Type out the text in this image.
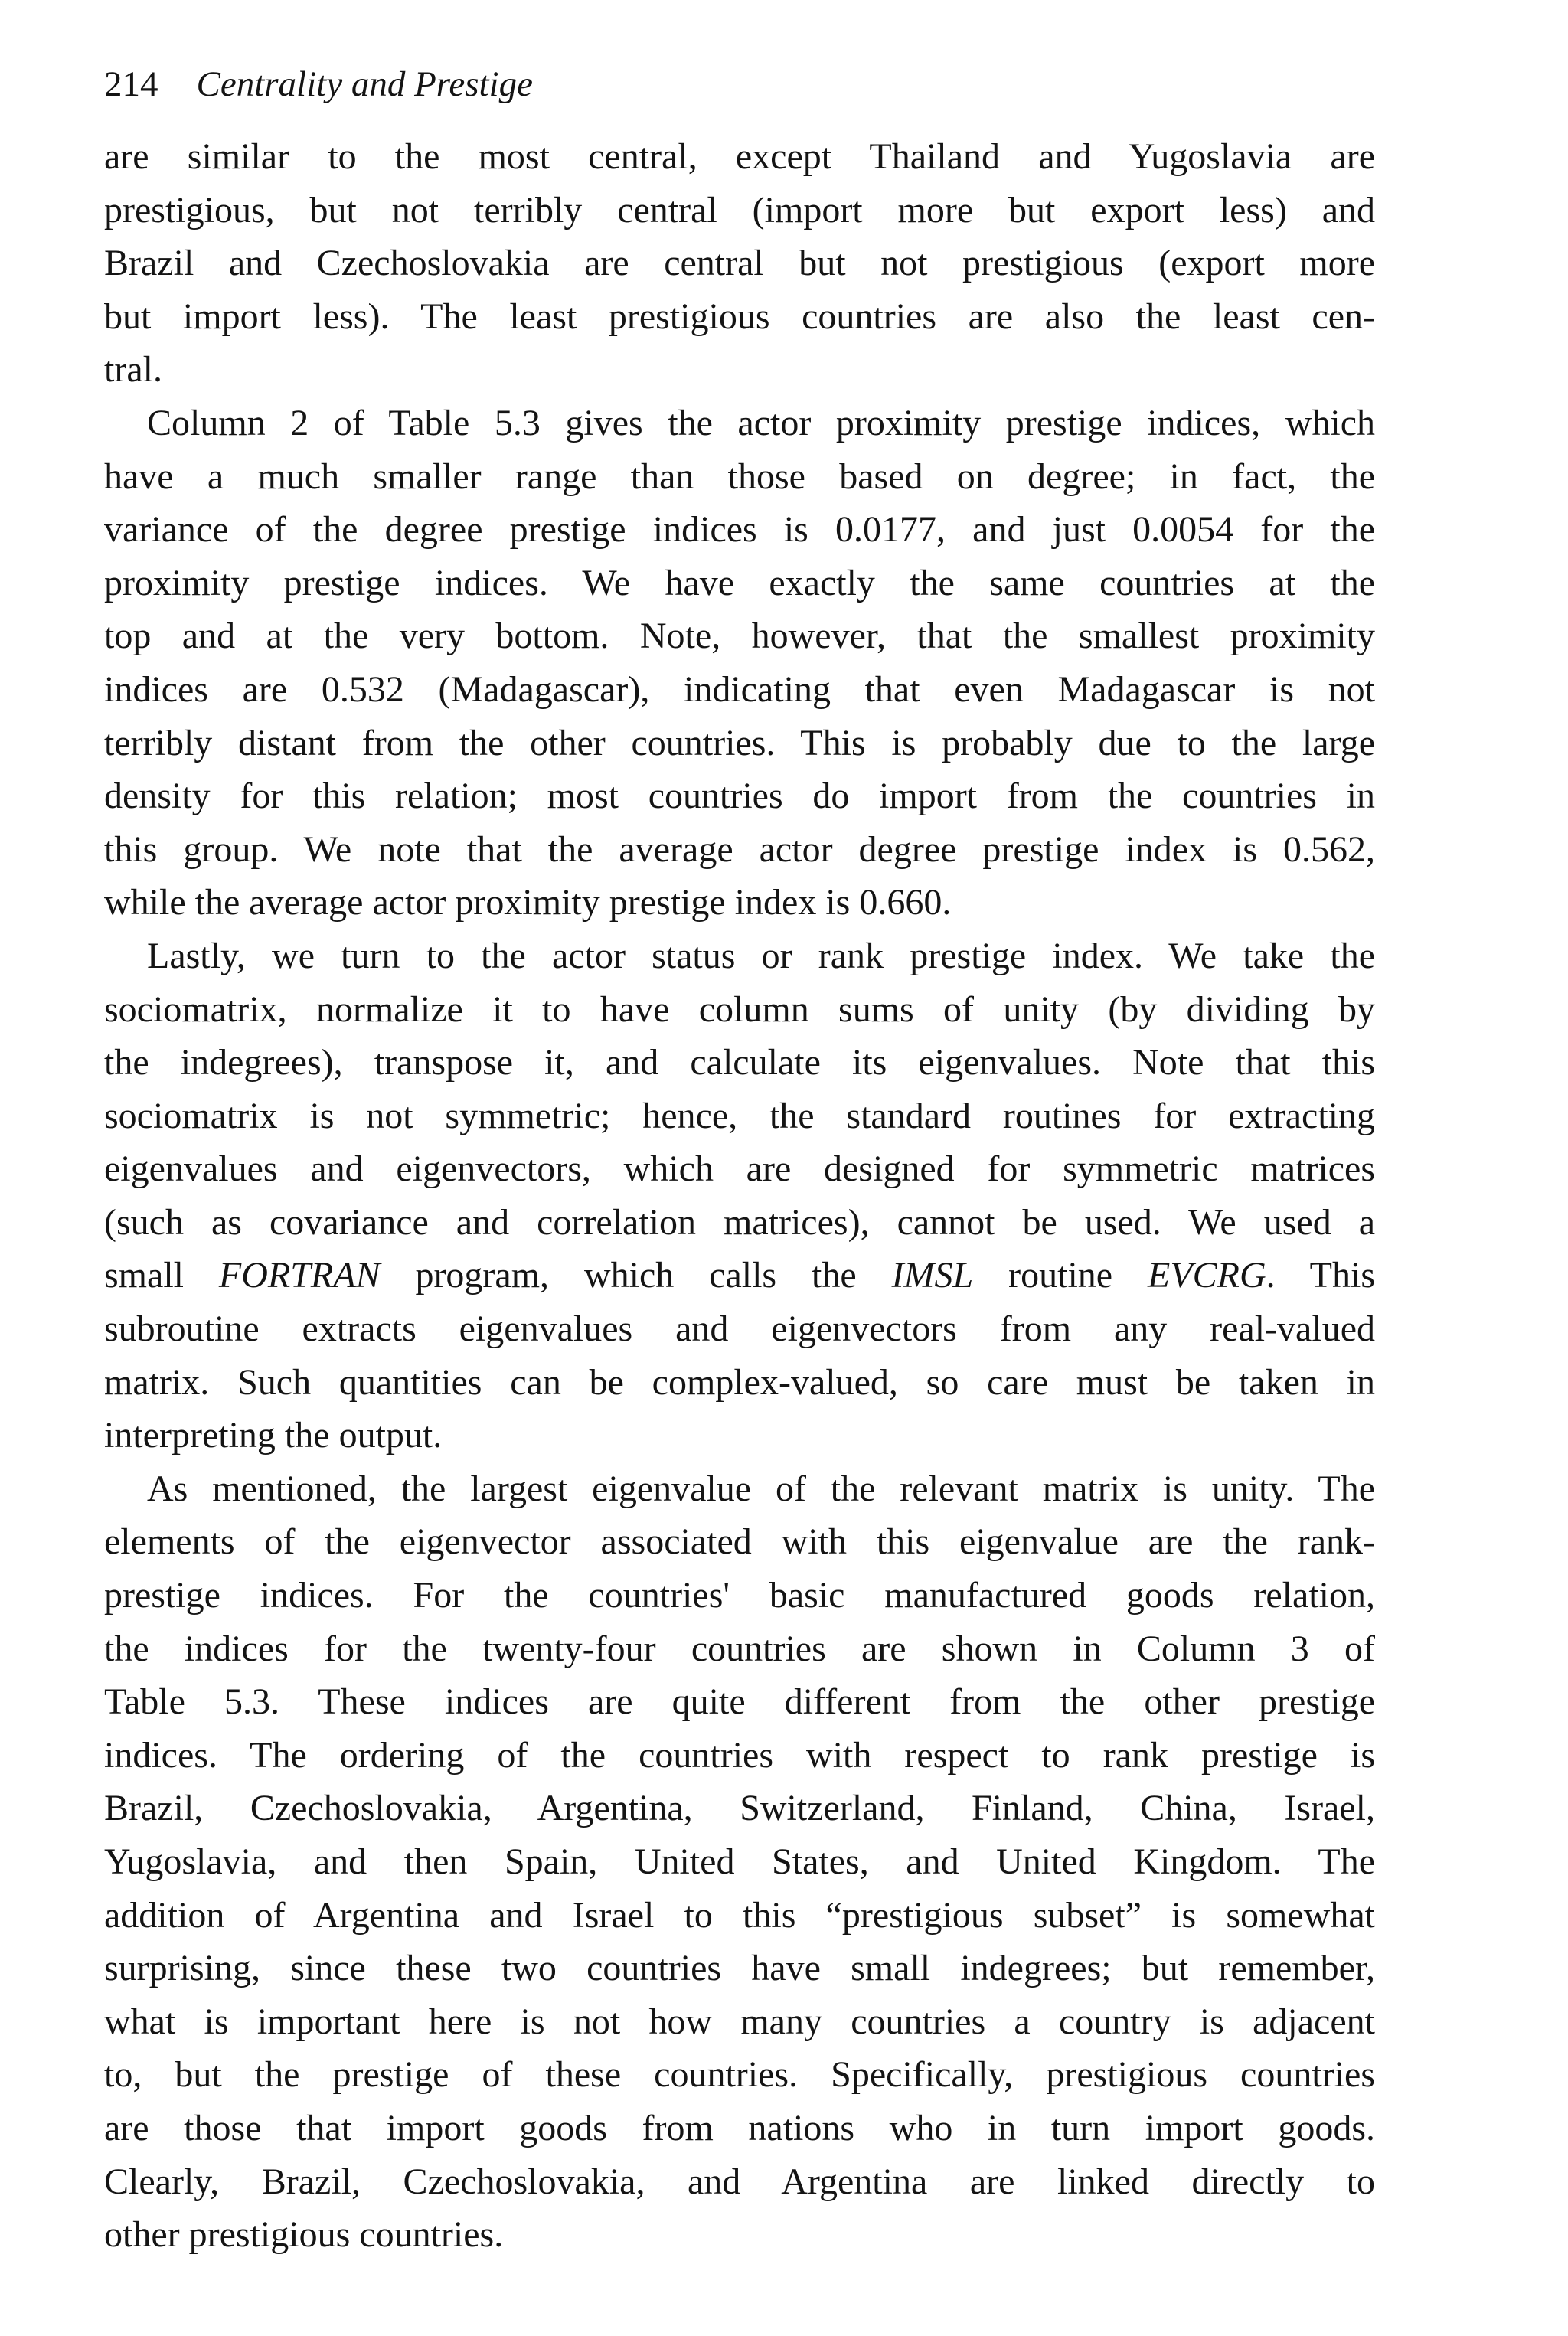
214 Centrality and Prestige

are similar to the most central, except Thailand and Yugoslavia are
prestigious, but not terribly central (import more but export less) and
Brazil and Czechoslovakia are central but not prestigious (export more
but import less). The least prestigious countries are also the least cen-
tral.

Column 2 of Table 5.3 gives the actor proximity prestige indices, which
have a much smaller range than those based on degree; in fact, the
variance of the degree prestige indices is 0.0177, and just 0.0054 for the
proximity prestige indices. We have exactly the same countries at the
top and at the very bottom. Note, however, that the smallest proximity
indices are 0.532 (Madagascar), indicating that even Madagascar is not
terribly distant from the other countries. This is probably due to the large
density for this relation; most countries do import from the countries in
this group. We note that the average actor degree prestige index is 0.562,
while the average actor proximity prestige index is 0.660.

Lastly, we turn to the actor status or rank prestige index. We take the
sociomatrix, normalize it to have column sums of unity (by dividing by
the indegrees), transpose it, and calculate its eigenvalues. Note that this
sociomatrix is not symmetric; hence, the standard routines for extracting
eigenvalues and eigenvectors, which are designed for symmetric matrices
(such as covariance and correlation matrices), cannot be used. We used a
small FORTRAN program, which calls the IMSL routine EVCRG. This
subroutine extracts eigenvalues and eigenvectors from any real-valued
matrix. Such quantities can be complex-valued, so care must be taken in
interpreting the output.

As mentioned, the largest eigenvalue of the relevant matrix is unity. The
elements of the eigenvector associated with this eigenvalue are the rank-
prestige indices. For the countries' basic manufactured goods relation,
the indices for the twenty-four countries are shown in Column 3 of
Table 5.3. These indices are quite different from the other prestige
indices. The ordering of the countries with respect to rank prestige is
Brazil, Czechoslovakia, Argentina, Switzerland, Finland, China, Israel,
Yugoslavia, and then Spain, United States, and United Kingdom. The
addition of Argentina and Israel to this “prestigious subset” is somewhat
surprising, since these two countries have small indegrees; but remember,
what is important here is not how many countries a country is adjacent
to, but the prestige of these countries. Specifically, prestigious countries
are those that import goods from nations who in turn import goods.
Clearly, Brazil, Czechoslovakia, and Argentina are linked directly to
other prestigious countries.
